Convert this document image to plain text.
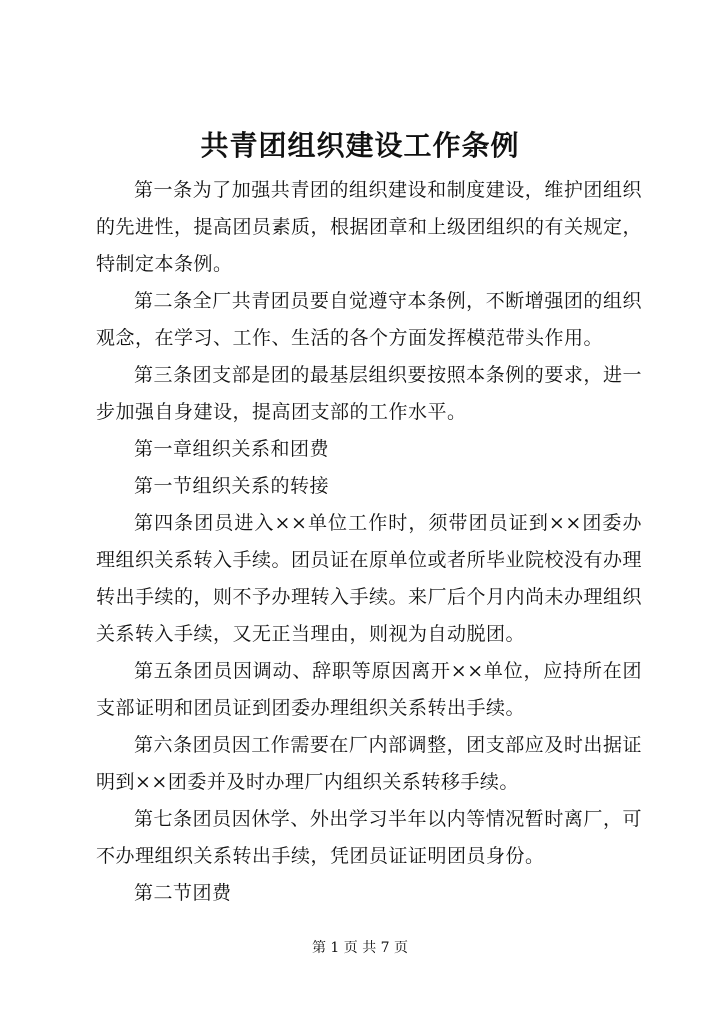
共青团组织建设工作条例

第一条为了加强共青团的组织建设和制度建设，维护团组织的先进性，提高团员素质，根据团章和上级团组织的有关规定，特制定本条例。

第二条全厂共青团员要自觉遵守本条例，不断增强团的组织观念，在学习、工作、生活的各个方面发挥模范带头作用。

第三条团支部是团的最基层组织要按照本条例的要求，进一步加强自身建设，提高团支部的工作水平。

第一章组织关系和团费

第一节组织关系的转接

第四条团员进入××单位工作时，须带团员证到××团委办理组织关系转入手续。团员证在原单位或者所毕业院校没有办理转出手续的，则不予办理转入手续。来厂后个月内尚未办理组织关系转入手续，又无正当理由，则视为自动脱团。

第五条团员因调动、辞职等原因离开××单位，应持所在团支部证明和团员证到团委办理组织关系转出手续。

第六条团员因工作需要在厂内部调整，团支部应及时出据证明到××团委并及时办理厂内组织关系转移手续。

第七条团员因休学、外出学习半年以内等情况暂时离厂，可不办理组织关系转出手续，凭团员证证明团员身份。

第二节团费

第 1 页 共 7 页
